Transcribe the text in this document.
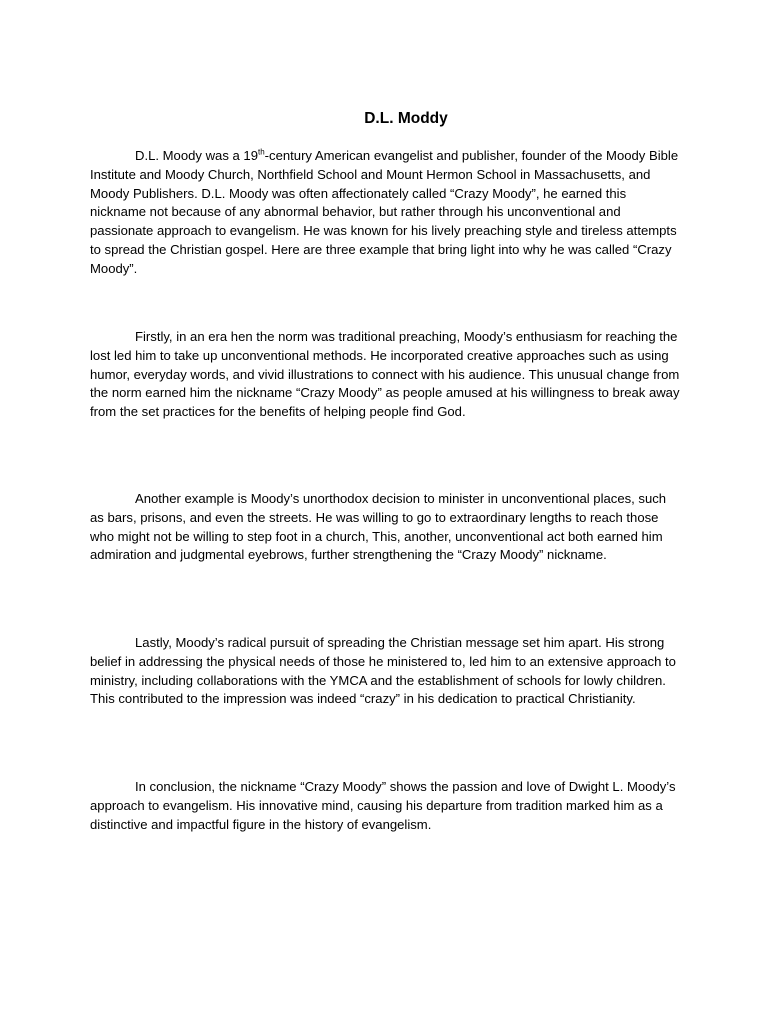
D.L. Moddy

D.L. Moody was a 19th-century American evangelist and publisher, founder of the Moody Bible Institute and Moody Church, Northfield School and Mount Hermon School in Massachusetts, and Moody Publishers. D.L. Moody was often affectionately called “Crazy Moody”, he earned this nickname not because of any abnormal behavior, but rather through his unconventional and passionate approach to evangelism. He was known for his lively preaching style and tireless attempts to spread the Christian gospel. Here are three example that bring light into why he was called “Crazy Moody”.

Firstly, in an era hen the norm was traditional preaching, Moody’s enthusiasm for reaching the lost led him to take up unconventional methods. He incorporated creative approaches such as using humor, everyday words, and vivid illustrations to connect with his audience. This unusual change from the norm earned him the nickname “Crazy Moody” as people amused at his willingness to break away from the set practices for the benefits of helping people find God.

Another example is Moody’s unorthodox decision to minister in unconventional places, such as bars, prisons, and even the streets. He was willing to go to extraordinary lengths to reach those who might not be willing to step foot in a church, This, another, unconventional act both earned him admiration and judgmental eyebrows, further strengthening the “Crazy Moody” nickname.

Lastly, Moody’s radical pursuit of spreading the Christian message set him apart. His strong belief in addressing the physical needs of those he ministered to, led him to an extensive approach to ministry, including collaborations with the YMCA and the establishment of schools for lowly children. This contributed to the impression was indeed “crazy” in his dedication to practical Christianity.

In conclusion, the nickname “Crazy Moody” shows the passion and love of Dwight L. Moody’s approach to evangelism. His innovative mind, causing his departure from tradition marked him as a distinctive and impactful figure in the history of evangelism.
